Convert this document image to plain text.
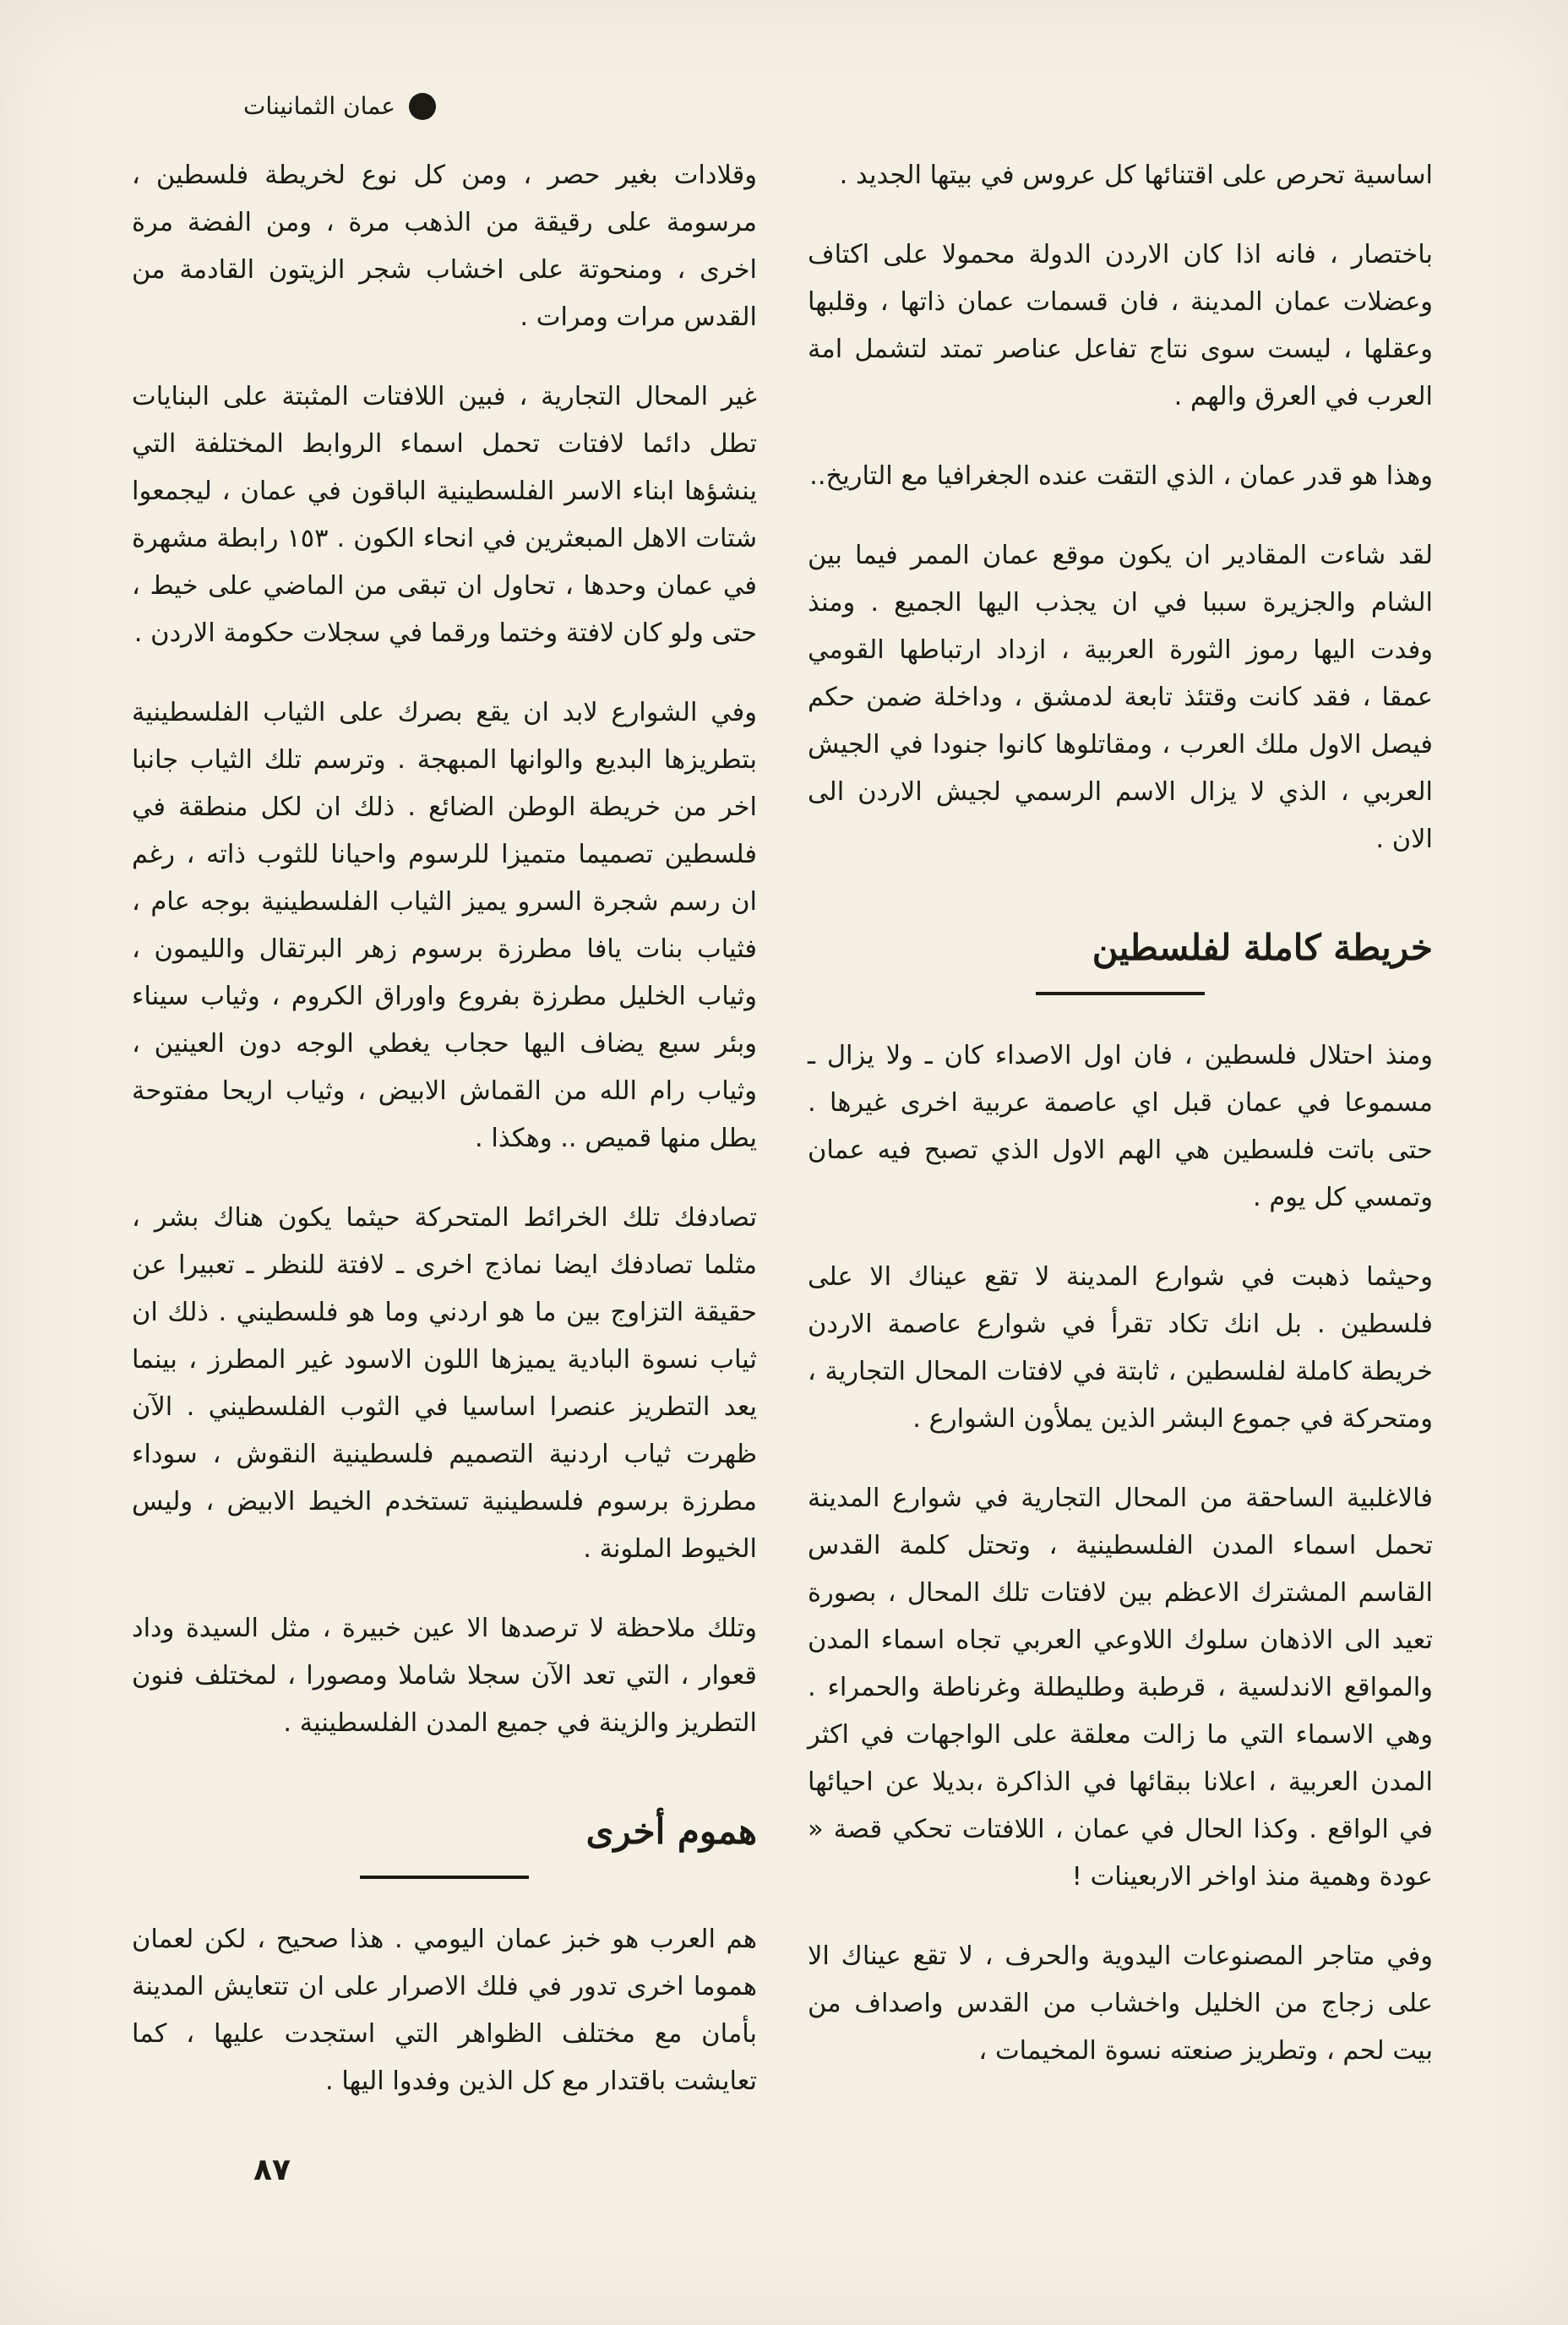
عمان الثمانينات

اساسية تحرص على اقتنائها كل عروس في بيتها الجديد .

باختصار ، فانه اذا كان الاردن الدولة محمولا على اكتاف وعضلات عمان المدينة ، فان قسمات عمان ذاتها ، وقلبها وعقلها ، ليست سوى نتاج تفاعل عناصر تمتد لتشمل امة العرب في العرق والهم .

وهذا هو قدر عمان ، الذي التقت عنده الجغرافيا مع التاريخ..

لقد شاءت المقادير ان يكون موقع عمان الممر فيما بين الشام والجزيرة سببا في ان يجذب اليها الجميع . ومنذ وفدت اليها رموز الثورة العربية ، ازداد ارتباطها القومي عمقا ، فقد كانت وقتئذ تابعة لدمشق ، وداخلة ضمن حكم فيصل الاول ملك العرب ، ومقاتلوها كانوا جنودا في الجيش العربي ، الذي لا يزال الاسم الرسمي لجيش الاردن الى الان .

خريطة كاملة لفلسطين

ومنذ احتلال فلسطين ، فان اول الاصداء كان ـ ولا يزال ـ مسموعا في عمان قبل اي عاصمة عربية اخرى غيرها . حتى باتت فلسطين هي الهم الاول الذي تصبح فيه عمان وتمسي كل يوم .

وحيثما ذهبت في شوارع المدينة لا تقع عيناك الا على فلسطين . بل انك تكاد تقرأ في شوارع عاصمة الاردن خريطة كاملة لفلسطين ، ثابتة في لافتات المحال التجارية ، ومتحركة في جموع البشر الذين يملأون الشوارع .

فالاغلبية الساحقة من المحال التجارية في شوارع المدينة تحمل اسماء المدن الفلسطينية ، وتحتل كلمة القدس القاسم المشترك الاعظم بين لافتات تلك المحال ، بصورة تعيد الى الاذهان سلوك اللاوعي العربي تجاه اسماء المدن والمواقع الاندلسية ، قرطبة وطليطلة وغرناطة والحمراء . وهي الاسماء التي ما زالت معلقة على الواجهات في اكثر المدن العربية ، اعلانا ببقائها في الذاكرة ،بديلا عن احيائها في الواقع . وكذا الحال في عمان ، اللافتات تحكي قصة « عودة وهمية منذ اواخر الاربعينات !

وفي متاجر المصنوعات اليدوية والحرف ، لا تقع عيناك الا على زجاج من الخليل واخشاب من القدس واصداف من بيت لحم ، وتطريز صنعته نسوة المخيمات ،

وقلادات بغير حصر ، ومن كل نوع لخريطة فلسطين ، مرسومة على رقيقة من الذهب مرة ، ومن الفضة مرة اخرى ، ومنحوتة على اخشاب شجر الزيتون القادمة من القدس مرات ومرات .

غير المحال التجارية ، فبين اللافتات المثبتة على البنايات تطل دائما لافتات تحمل اسماء الروابط المختلفة التي ينشؤها ابناء الاسر الفلسطينية الباقون في عمان ، ليجمعوا شتات الاهل المبعثرين في انحاء الكون . ١٥٣ رابطة مشهرة في عمان وحدها ، تحاول ان تبقى من الماضي على خيط ، حتى ولو كان لافتة وختما ورقما في سجلات حكومة الاردن .

وفي الشوارع لابد ان يقع بصرك على الثياب الفلسطينية بتطريزها البديع والوانها المبهجة . وترسم تلك الثياب جانبا اخر من خريطة الوطن الضائع . ذلك ان لكل منطقة في فلسطين تصميما متميزا للرسوم واحيانا للثوب ذاته ، رغم ان رسم شجرة السرو يميز الثياب الفلسطينية بوجه عام ، فثياب بنات يافا مطرزة برسوم زهر البرتقال والليمون ، وثياب الخليل مطرزة بفروع واوراق الكروم ، وثياب سيناء وبئر سبع يضاف اليها حجاب يغطي الوجه دون العينين ، وثياب رام الله من القماش الابيض ، وثياب اريحا مفتوحة يطل منها قميص .. وهكذا .

تصادفك تلك الخرائط المتحركة حيثما يكون هناك بشر ، مثلما تصادفك ايضا نماذج اخرى ـ لافتة للنظر ـ تعبيرا عن حقيقة التزاوج بين ما هو اردني وما هو فلسطيني . ذلك ان ثياب نسوة البادية يميزها اللون الاسود غير المطرز ، بينما يعد التطريز عنصرا اساسيا في الثوب الفلسطيني . الآن ظهرت ثياب اردنية التصميم فلسطينية النقوش ، سوداء مطرزة برسوم فلسطينية تستخدم الخيط الابيض ، وليس الخيوط الملونة .

وتلك ملاحظة لا ترصدها الا عين خبيرة ، مثل السيدة وداد قعوار ، التي تعد الآن سجلا شاملا ومصورا ، لمختلف فنون التطريز والزينة في جميع المدن الفلسطينية .

هموم أخرى

هم العرب هو خبز عمان اليومي . هذا صحيح ، لكن لعمان هموما اخرى تدور في فلك الاصرار على ان تتعايش المدينة بأمان مع مختلف الظواهر التي استجدت عليها ، كما تعايشت باقتدار مع كل الذين وفدوا اليها .

٨٧
